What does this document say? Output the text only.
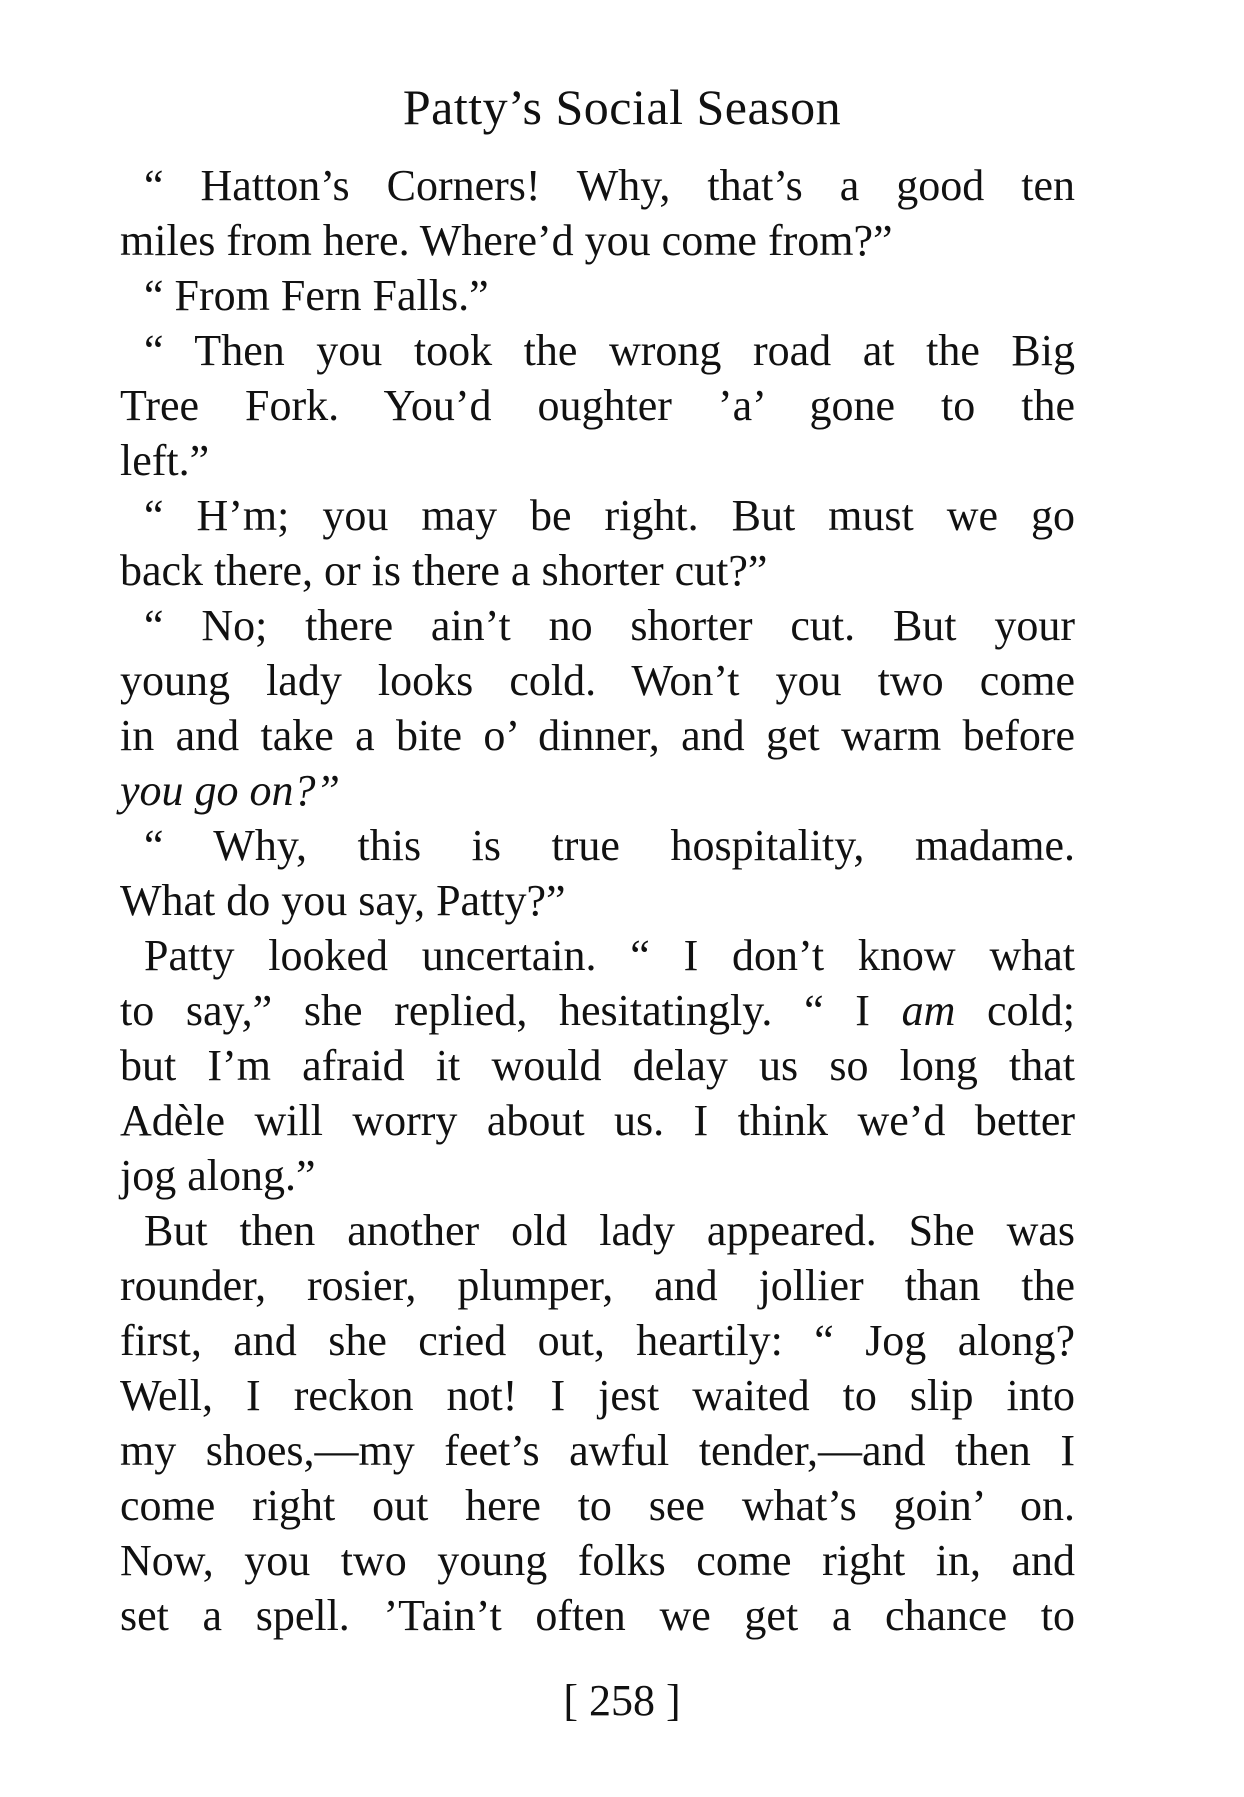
Patty’s Social Season

“ Hatton’s Corners! Why, that’s a good ten
miles from here. Where’d you come from?”
“ From Fern Falls.”
“ Then you took the wrong road at the Big
Tree Fork. You’d oughter ’a’ gone to the
left.”
“ H’m; you may be right. But must we go
back there, or is there a shorter cut?”
“ No; there ain’t no shorter cut. But your
young lady looks cold. Won’t you two come
in and take a bite o’ dinner, and get warm before
you go on?”
“ Why, this is true hospitality, madame.
What do you say, Patty?”
Patty looked uncertain. “ I don’t know what
to say,” she replied, hesitatingly. “ I am cold;
but I’m afraid it would delay us so long that
Adèle will worry about us. I think we’d better
jog along.”
But then another old lady appeared. She was
rounder, rosier, plumper, and jollier than the
first, and she cried out, heartily: “ Jog along?
Well, I reckon not! I jest waited to slip into
my shoes,—my feet’s awful tender,—and then I
come right out here to see what’s goin’ on.
Now, you two young folks come right in, and
set a spell. ’Tain’t often we get a chance to

[ 258 ]
